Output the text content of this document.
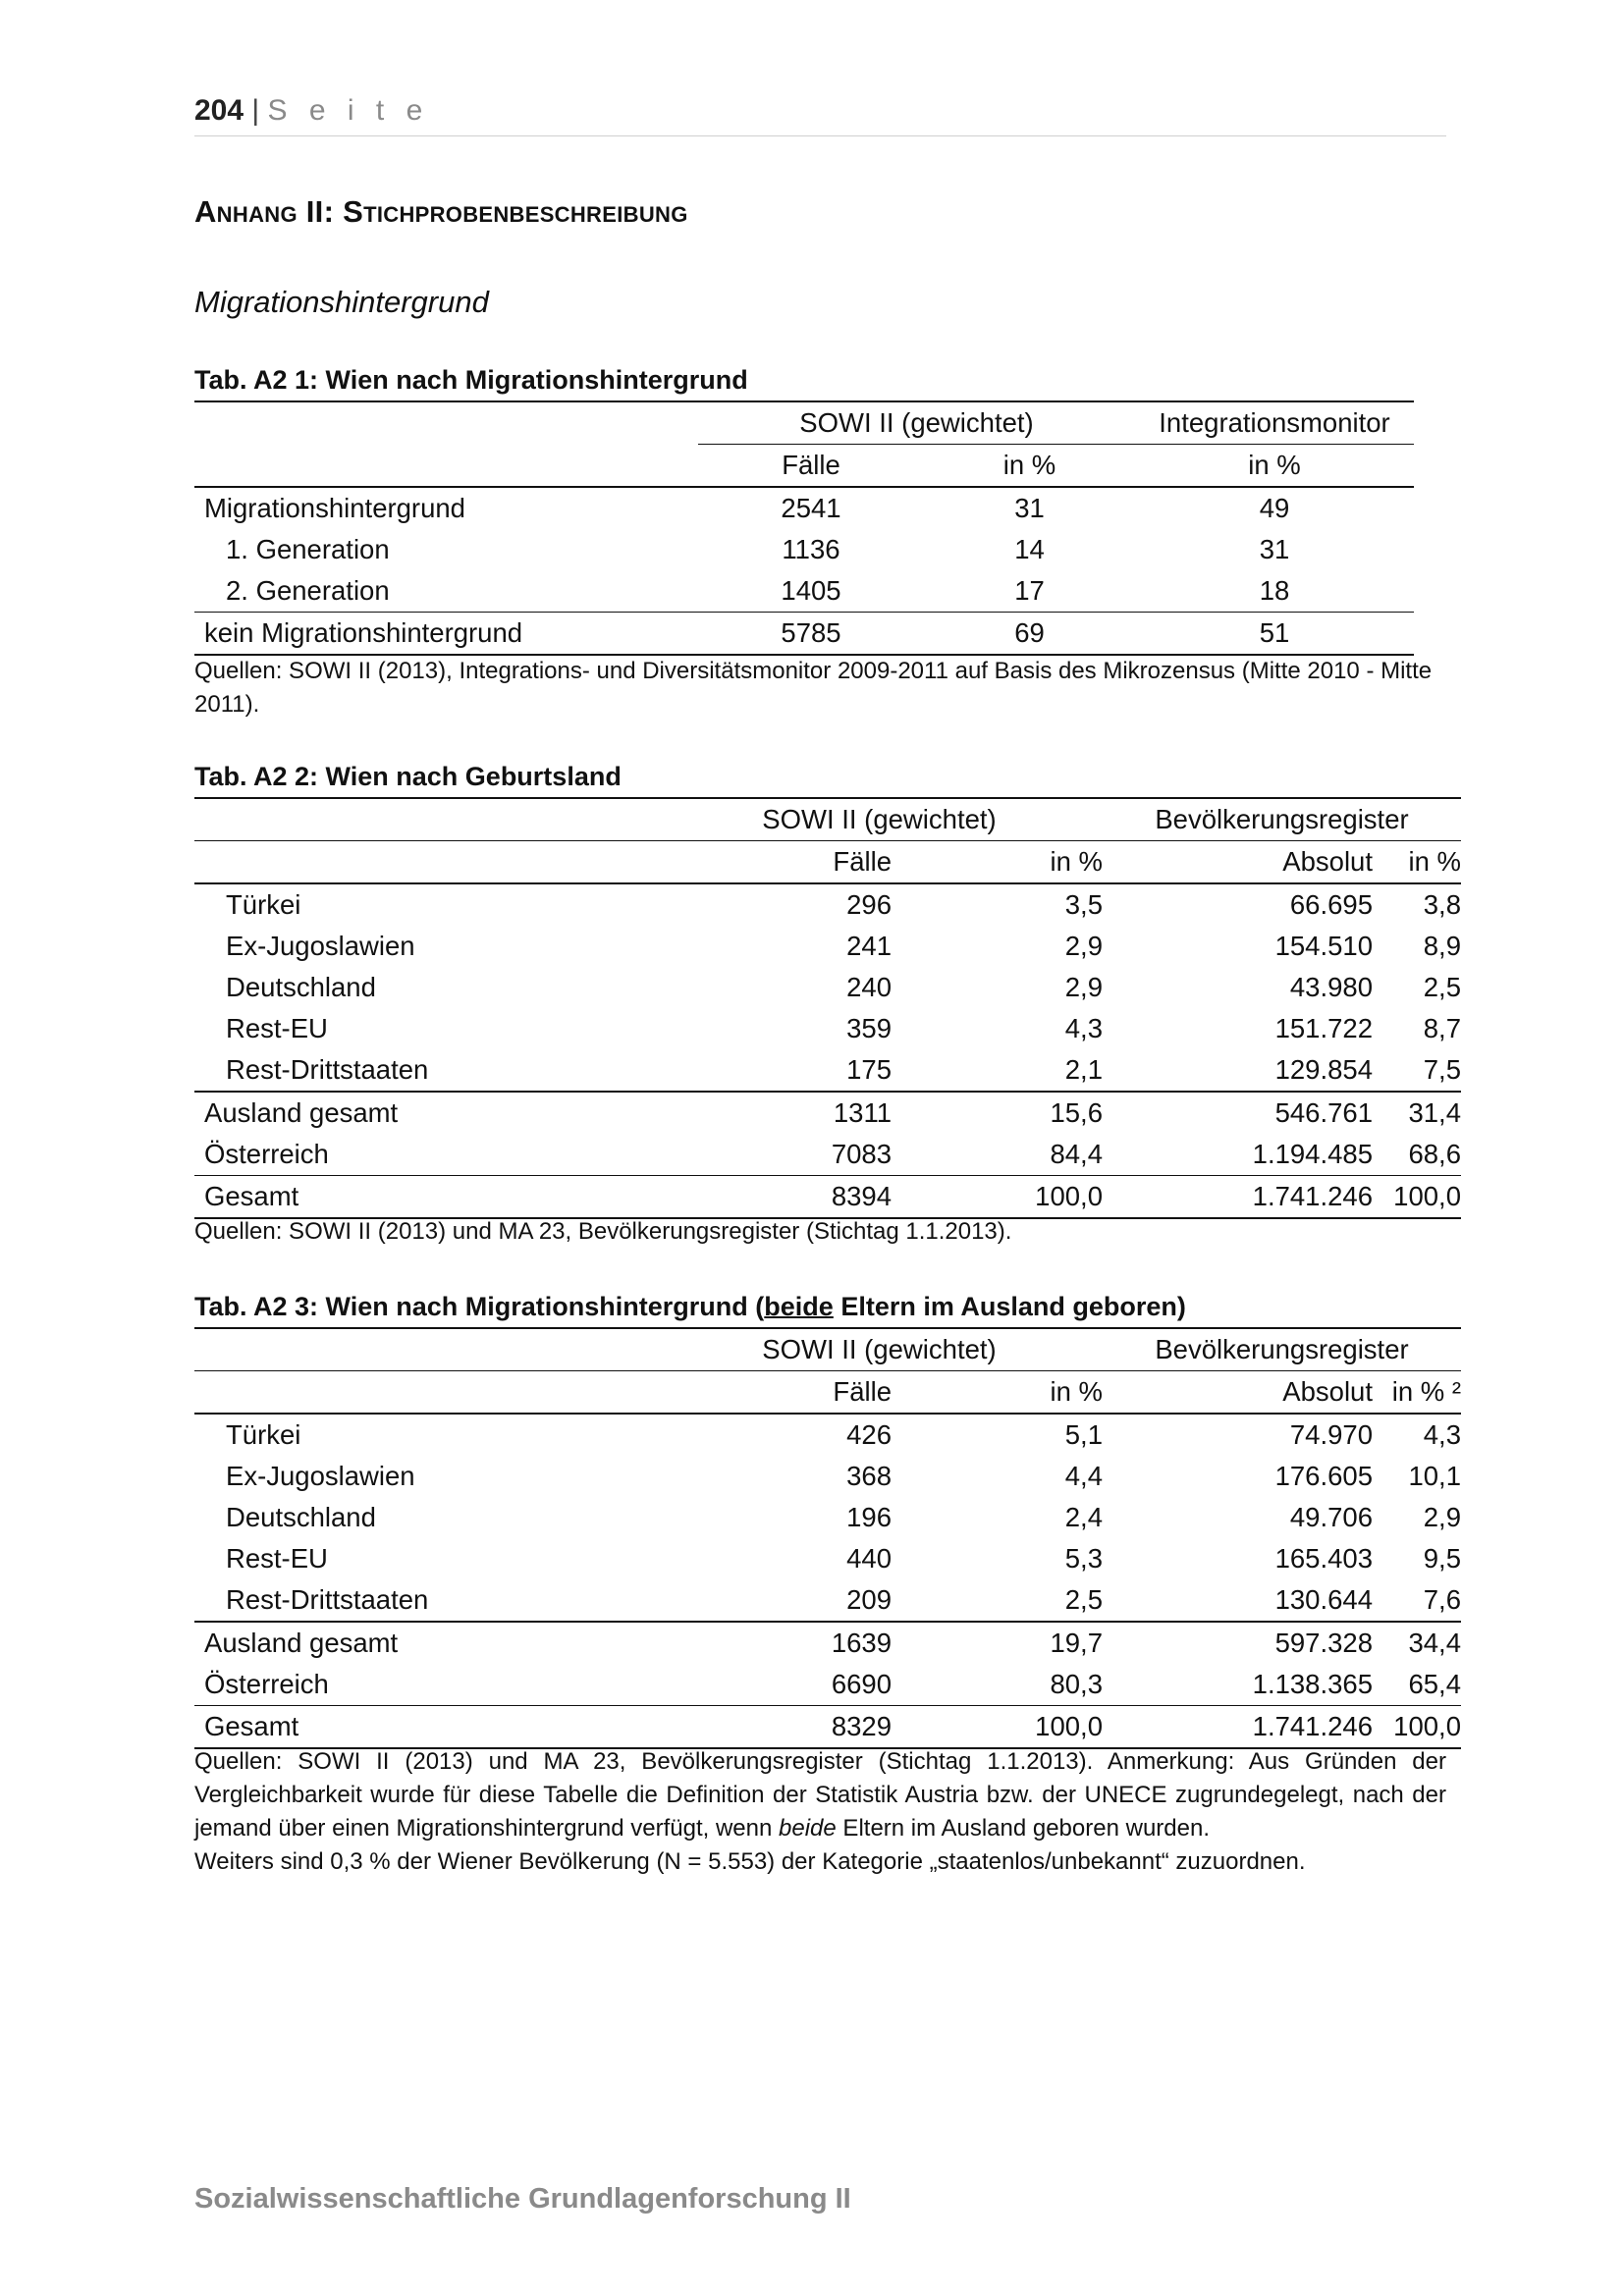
204 | S e i t e
Anhang II: Stichprobenbeschreibung

Migrationshintergrund

Tab. A2 1: Wien nach Migrationshintergrund

	SOWI II (gewichtet)		Integrationsmonitor
	Fälle	in %	in %
Migrationshintergrund	2541	31	49
1. Generation	1136	14	31
2. Generation	1405	17	18
kein Migrationshintergrund	5785	69	51

Quellen: SOWI II (2013), Integrations- und Diversitätsmonitor 2009-2011 auf Basis des Mikrozensus (Mitte 2010 - Mitte 2011).

Tab. A2 2: Wien nach Geburtsland

	SOWI II (gewichtet)		Bevölkerungsregister	
	Fälle	in %	Absolut	in %
Türkei	296	3,5	66.695	3,8
Ex-Jugoslawien	241	2,9	154.510	8,9
Deutschland	240	2,9	43.980	2,5
Rest-EU	359	4,3	151.722	8,7
Rest-Drittstaaten	175	2,1	129.854	7,5
Ausland gesamt	1311	15,6	546.761	31,4
Österreich	7083	84,4	1.194.485	68,6
Gesamt	8394	100,0	1.741.246	100,0

Quellen: SOWI II (2013) und MA 23, Bevölkerungsregister (Stichtag 1.1.2013).

Tab. A2 3: Wien nach Migrationshintergrund (beide Eltern im Ausland geboren)

	SOWI II (gewichtet)		Bevölkerungsregister	
	Fälle	in %	Absolut	in % ²
Türkei	426	5,1	74.970	4,3
Ex-Jugoslawien	368	4,4	176.605	10,1
Deutschland	196	2,4	49.706	2,9
Rest-EU	440	5,3	165.403	9,5
Rest-Drittstaaten	209	2,5	130.644	7,6
Ausland gesamt	1639	19,7	597.328	34,4
Österreich	6690	80,3	1.138.365	65,4
Gesamt	8329	100,0	1.741.246	100,0

Quellen: SOWI II (2013) und MA 23, Bevölkerungsregister (Stichtag 1.1.2013). Anmerkung: Aus Gründen der Vergleichbarkeit wurde für diese Tabelle die Definition der Statistik Austria bzw. der UNECE zugrundegelegt, nach der jemand über einen Migrationshintergrund verfügt, wenn beide Eltern im Ausland geboren wurden.

Weiters sind 0,3 % der Wiener Bevölkerung (N = 5.553) der Kategorie „staatenlos/unbekannt“ zuzuordnen.

Sozialwissenschaftliche Grundlagenforschung II
